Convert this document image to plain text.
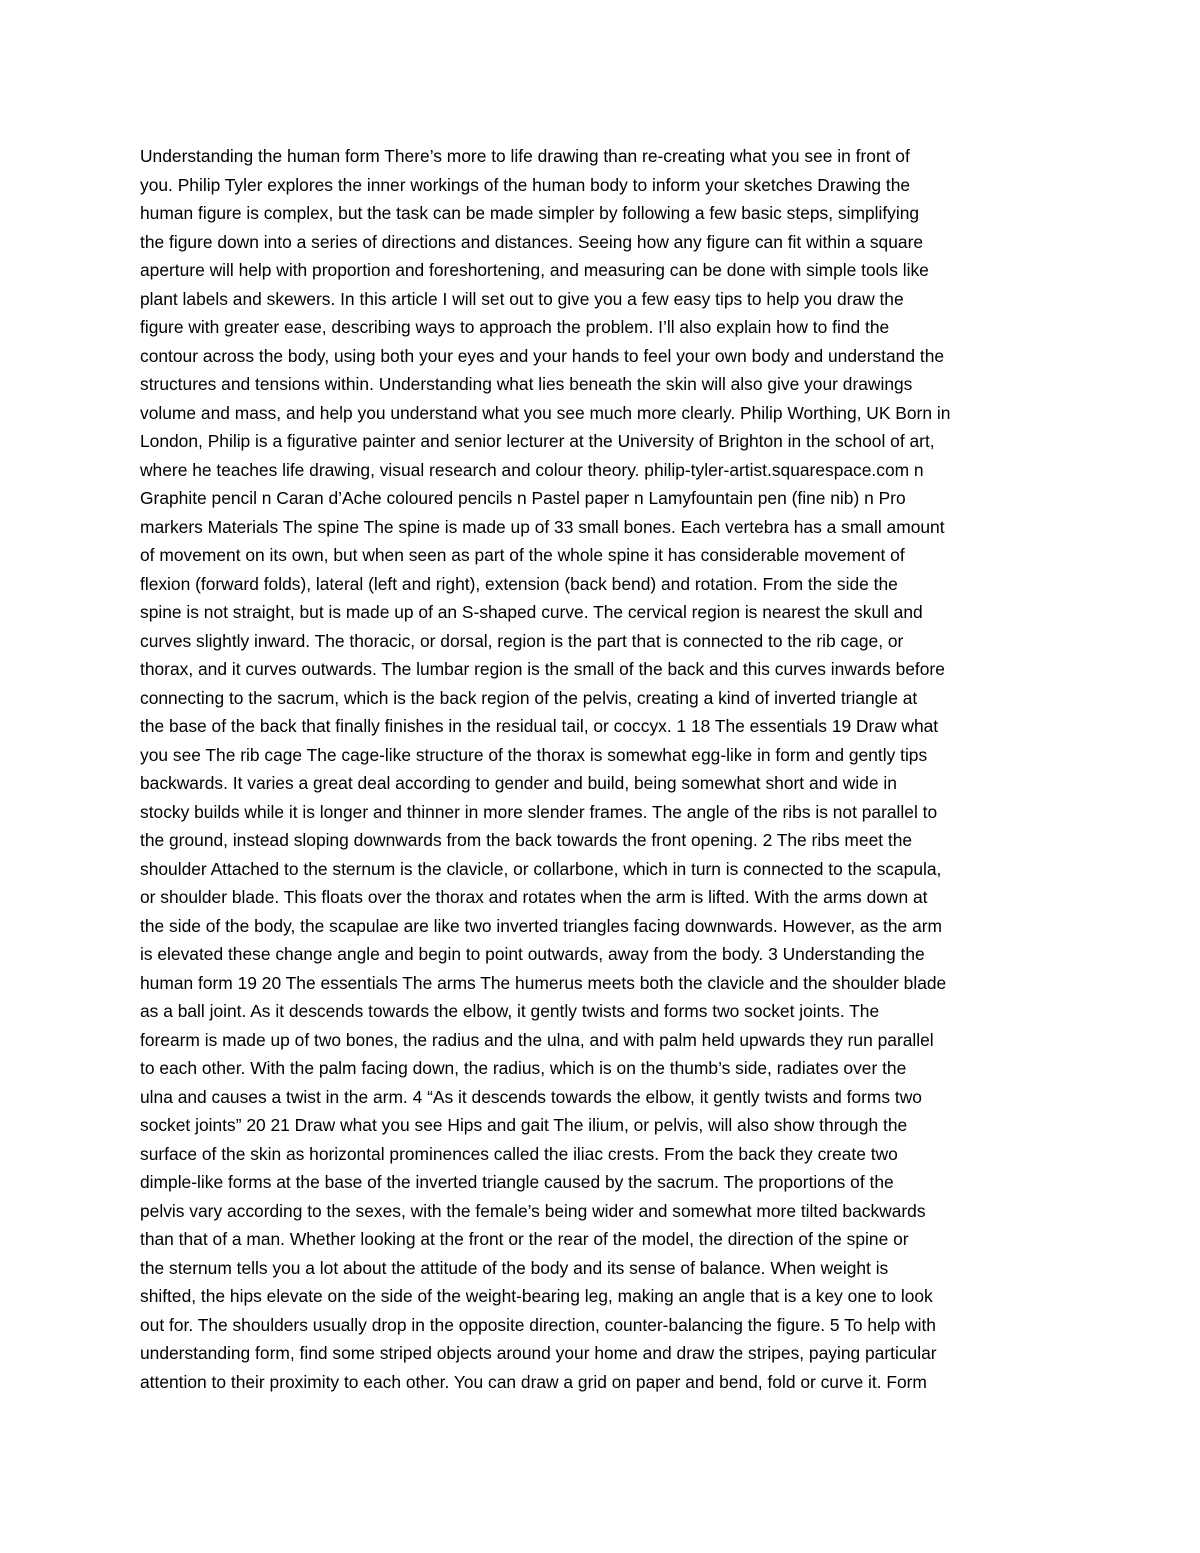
Understanding the human form There’s more to life drawing than re-creating what you see in front of
you. Philip Tyler explores the inner workings of the human body to inform your sketches Drawing the
human figure is complex, but the task can be made simpler by following a few basic steps, simplifying
the figure down into a series of directions and distances. Seeing how any figure can fit within a square
aperture will help with proportion and foreshortening, and measuring can be done with simple tools like
plant labels and skewers. In this article I will set out to give you a few easy tips to help you draw the
figure with greater ease, describing ways to approach the problem. I’ll also explain how to find the
contour across the body, using both your eyes and your hands to feel your own body and understand the
structures and tensions within. Understanding what lies beneath the skin will also give your drawings
volume and mass, and help you understand what you see much more clearly. Philip Worthing, UK Born in
London, Philip is a figurative painter and senior lecturer at the University of Brighton in the school of art,
where he teaches life drawing, visual research and colour theory. philip-tyler-artist.squarespace.com n
Graphite pencil n Caran d’Ache coloured pencils n Pastel paper n Lamyfountain pen (fine nib) n Pro
markers Materials The spine The spine is made up of 33 small bones. Each vertebra has a small amount
of movement on its own, but when seen as part of the whole spine it has considerable movement of
flexion (forward folds), lateral (left and right), extension (back bend) and rotation. From the side the
spine is not straight, but is made up of an S-shaped curve. The cervical region is nearest the skull and
curves slightly inward. The thoracic, or dorsal, region is the part that is connected to the rib cage, or
thorax, and it curves outwards. The lumbar region is the small of the back and this curves inwards before
connecting to the sacrum, which is the back region of the pelvis, creating a kind of inverted triangle at
the base of the back that finally finishes in the residual tail, or coccyx. 1 18 The essentials 19 Draw what
you see The rib cage The cage-like structure of the thorax is somewhat egg-like in form and gently tips
backwards. It varies a great deal according to gender and build, being somewhat short and wide in
stocky builds while it is longer and thinner in more slender frames. The angle of the ribs is not parallel to
the ground, instead sloping downwards from the back towards the front opening. 2 The ribs meet the
shoulder Attached to the sternum is the clavicle, or collarbone, which in turn is connected to the scapula,
or shoulder blade. This floats over the thorax and rotates when the arm is lifted. With the arms down at
the side of the body, the scapulae are like two inverted triangles facing downwards. However, as the arm
is elevated these change angle and begin to point outwards, away from the body. 3 Understanding the
human form 19 20 The essentials The arms The humerus meets both the clavicle and the shoulder blade
as a ball joint. As it descends towards the elbow, it gently twists and forms two socket joints. The
forearm is made up of two bones, the radius and the ulna, and with palm held upwards they run parallel
to each other. With the palm facing down, the radius, which is on the thumb’s side, radiates over the
ulna and causes a twist in the arm. 4 “As it descends towards the elbow, it gently twists and forms two
socket joints” 20 21 Draw what you see Hips and gait The ilium, or pelvis, will also show through the
surface of the skin as horizontal prominences called the iliac crests. From the back they create two
dimple-like forms at the base of the inverted triangle caused by the sacrum. The proportions of the
pelvis vary according to the sexes, with the female’s being wider and somewhat more tilted backwards
than that of a man. Whether looking at the front or the rear of the model, the direction of the spine or
the sternum tells you a lot about the attitude of the body and its sense of balance. When weight is
shifted, the hips elevate on the side of the weight-bearing leg, making an angle that is a key one to look
out for. The shoulders usually drop in the opposite direction, counter-balancing the figure. 5 To help with
understanding form, find some striped objects around your home and draw the stripes, paying particular
attention to their proximity to each other. You can draw a grid on paper and bend, fold or curve it. Form
